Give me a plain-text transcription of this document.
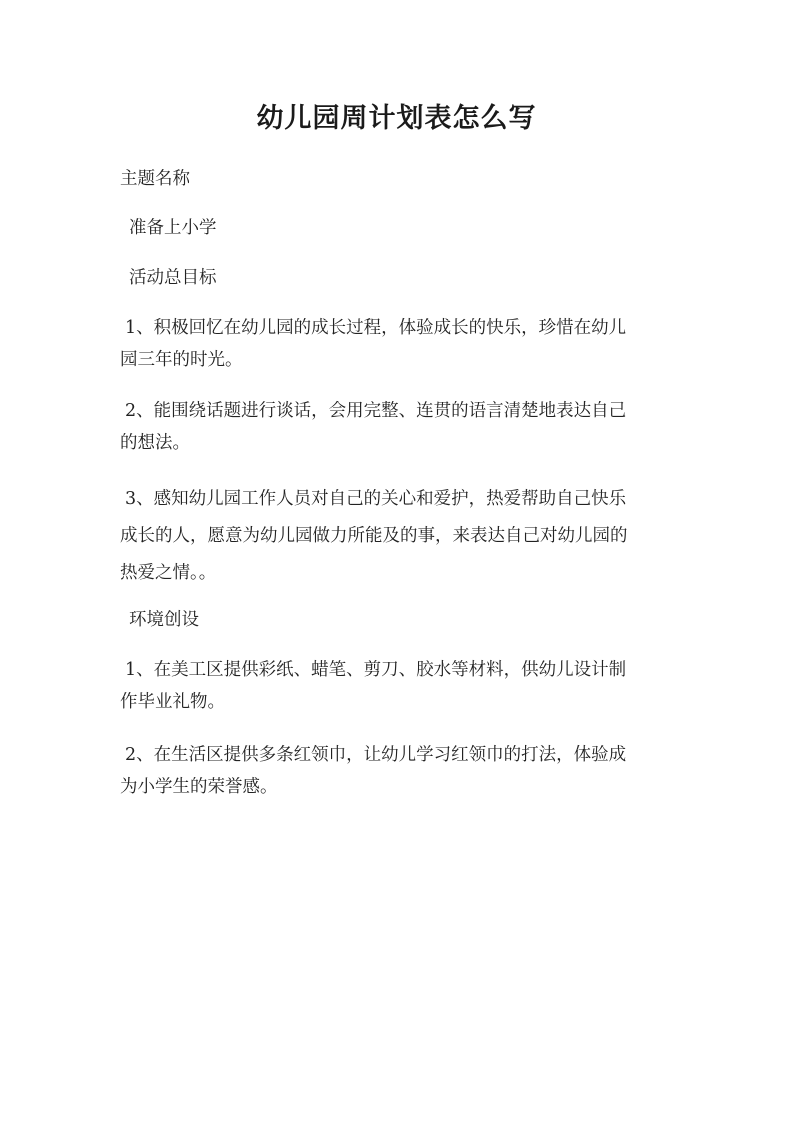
幼儿园周计划表怎么写
主题名称
准备上小学
活动总目标
1、积极回忆在幼儿园的成长过程，体验成长的快乐，珍惜在幼儿
园三年的时光。
2、能围绕话题进行谈话，会用完整、连贯的语言清楚地表达自己
的想法。
3、感知幼儿园工作人员对自己的关心和爱护，热爱帮助自己快乐
成长的人，愿意为幼儿园做力所能及的事，来表达自己对幼儿园的
热爱之情。。
环境创设
1、在美工区提供彩纸、蜡笔、剪刀、胶水等材料，供幼儿设计制
作毕业礼物。
2、在生活区提供多条红领巾，让幼儿学习红领巾的打法，体验成
为小学生的荣誉感。
